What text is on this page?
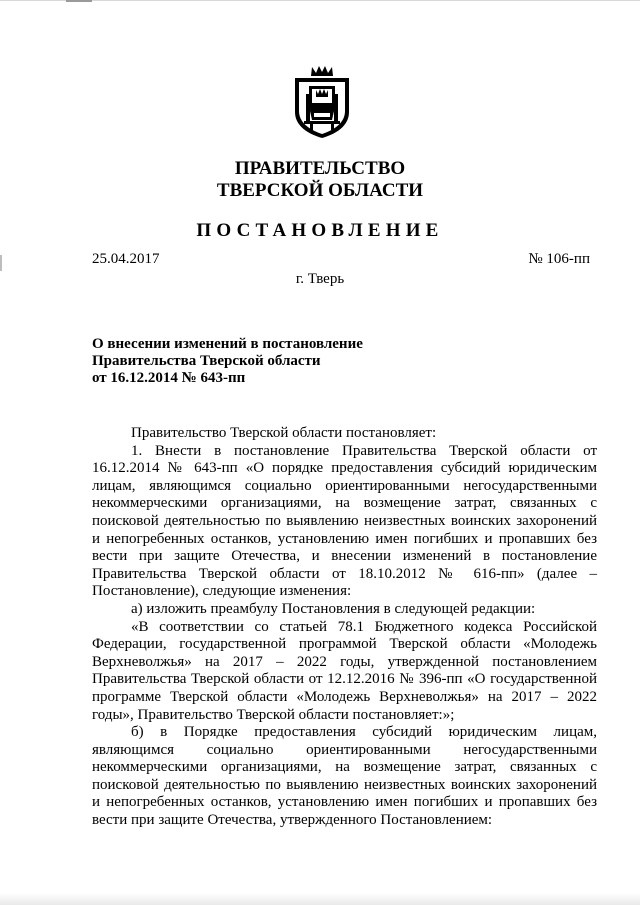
ПРАВИТЕЛЬСТВО
ТВЕРСКОЙ ОБЛАСТИ
ПОСТАНОВЛЕНИЕ
25.04.2017	№ 106-пп
г. Тверь
О внесении изменений в постановление
Правительства Тверской области
от 16.12.2014 № 643-пп

Правительство Тверской области постановляет:

1. Внести в постановление Правительства Тверской области от 16.12.2014 № 643-пп «О порядке предоставления субсидий юридическим лицам, являющимся социально ориентированными негосударственными некоммерческими организациями, на возмещение затрат, связанных с поисковой деятельностью по выявлению неизвестных воинских захоронений и непогребенных останков, установлению имен погибших и пропавших без вести при защите Отечества, и внесении изменений в постановление Правительства Тверской области от 18.10.2012 № 616-пп» (далее – Постановление), следующие изменения:

а) изложить преамбулу Постановления в следующей редакции:

«В соответствии со статьей 78.1 Бюджетного кодекса Российской Федерации, государственной программой Тверской области «Молодежь Верхневолжья» на 2017 – 2022 годы, утвержденной постановлением Правительства Тверской области от 12.12.2016 № 396-пп «О государственной программе Тверской области «Молодежь Верхневолжья» на 2017 – 2022 годы», Правительство Тверской области постановляет:»;

б) в Порядке предоставления субсидий юридическим лицам, являющимся социально ориентированными негосударственными некоммерческими организациями, на возмещение затрат, связанных с поисковой деятельностью по выявлению неизвестных воинских захоронений и непогребенных останков, установлению имен погибших и пропавших без вести при защите Отечества, утвержденного Постановлением:
